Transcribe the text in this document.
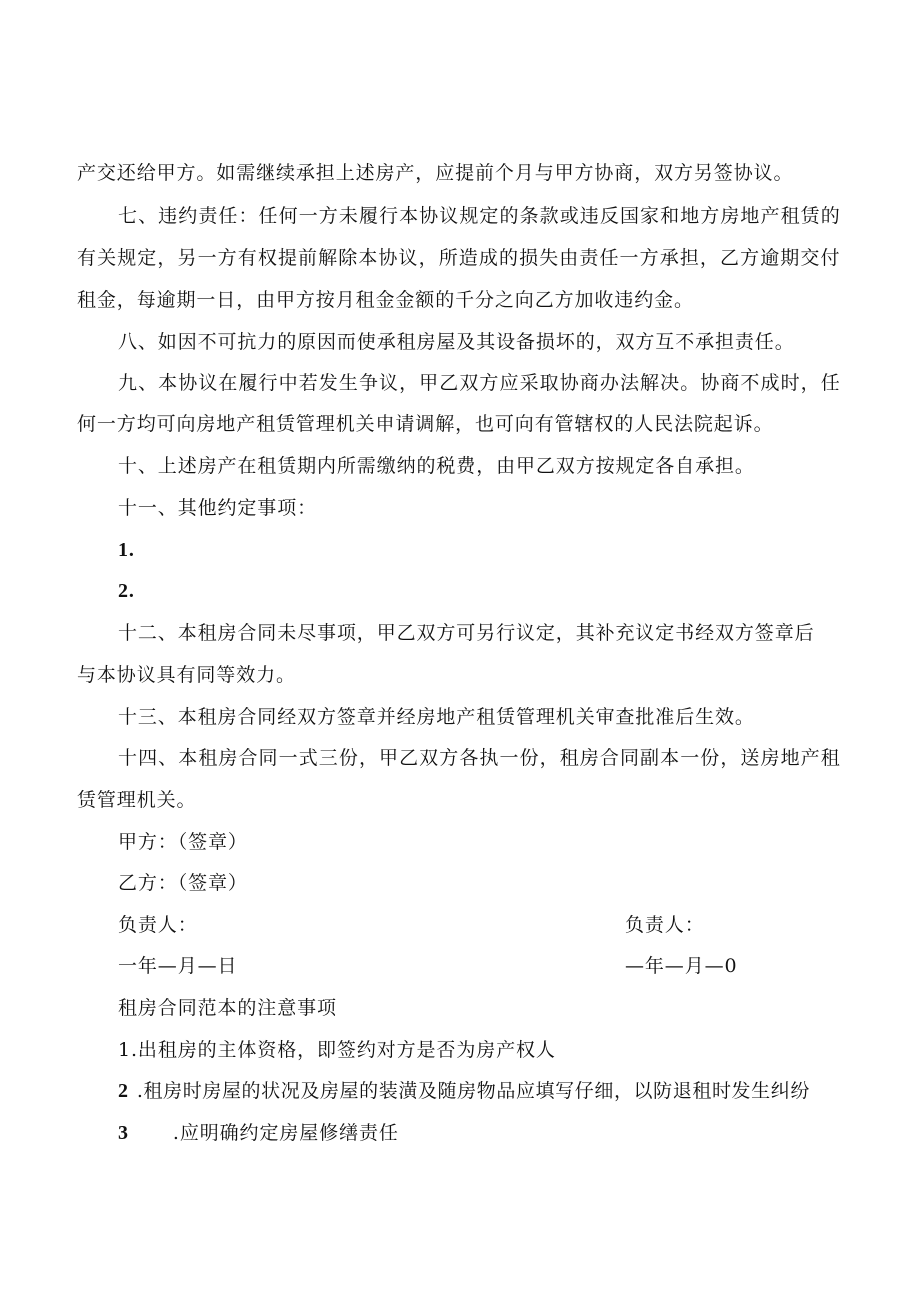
产交还给甲方。如需继续承担上述房产，应提前个月与甲方协商，双方另签协议。
七 、 违 约 责 任 ： 任 何 一 方 未 履 行 本 协 议 规 定 的 条 款 或 违 反 国 家 和 地 方 房 地 产 租 赁 的
有 关 规 定 ， 另 一 方 有 权 提 前 解 除 本 协 议 ， 所 造 成 的 损 失 由 责 任 一 方 承 担 ， 乙 方 逾 期 交 付
租金，每逾期一日，由甲方按月租金金额的千分之向乙方加收违约金。
八、如因不可抗力的原因而使承租房屋及其设备损坏的，双方互不承担责任。
九 、 本 协 议 在 履 行 中 若 发 生 争 议 ， 甲 乙 双 方 应 采 取 协 商 办 法 解 决 。 协 商 不 成 时 ， 任
何一方均可向房地产租赁管理机关申请调解，也可向有管辖权的人民法院起诉。
十、上述房产在租赁期内所需缴纳的税费，由甲乙双方按规定各自承担。
十一、其他约定事项：
1.
2.
十二、本租房合同未尽事项，甲乙双方可另行议定，其补充议定书经双方签章后
与本协议具有同等效力。
十三、本租房合同经双方签章并经房地产租赁管理机关审查批准后生效。
十 四 、 本 租 房 合 同 一 式 三 份 ， 甲 乙 双 方 各 执 一 份 ， 租 房 合 同 副 本 一 份 ， 送 房 地 产 租
赁管理机关。
甲方：（签章）
乙方：（签章）
负责人：	负责人：
一年—月—日	—年—月—0
租房合同范本的注意事项
1.出租房的主体资格，即签约对方是否为房产权人
2 .租房时房屋的状况及房屋的装潢及随房物品应填写仔细，以防退租时发生纠纷
3 .应明确约定房屋修缮责任
